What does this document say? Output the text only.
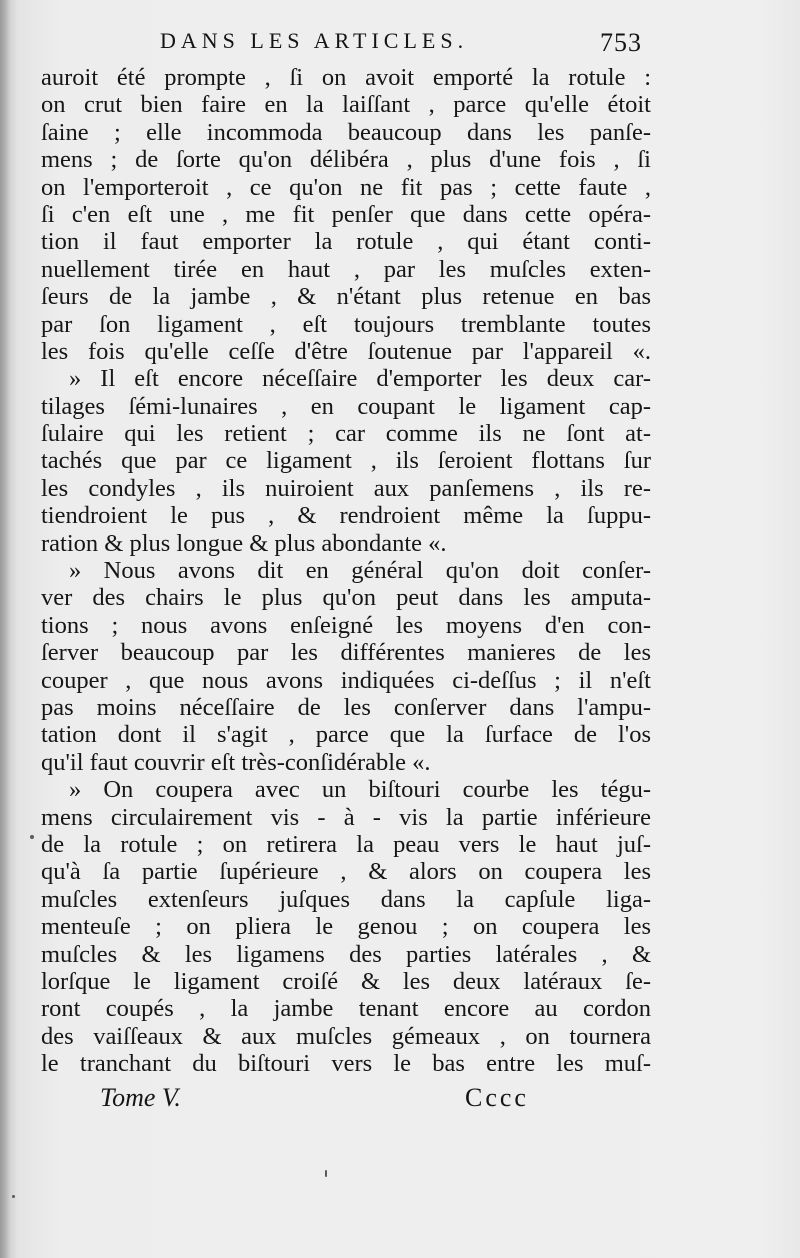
DANS LES ARTICLES.	753
auroit été prompte , ſi on avoit emporté la rotule :
on crut bien faire en la laiſſant , parce qu'elle étoit
ſaine ; elle incommoda beaucoup dans les panſe-
mens ; de ſorte qu'on délibéra , plus d'une fois , ſi
on l'emporteroit , ce qu'on ne fit pas ; cette faute ,
ſi c'en eſt une , me fit penſer que dans cette opéra-
tion il faut emporter la rotule , qui étant conti-
nuellement tirée en haut , par les muſcles exten-
ſeurs de la jambe , & n'étant plus retenue en bas
par ſon ligament , eſt toujours tremblante toutes
les fois qu'elle ceſſe d'être ſoutenue par l'appareil «.
» Il eſt encore néceſſaire d'emporter les deux car-
tilages ſémi-lunaires , en coupant le ligament cap-
ſulaire qui les retient ; car comme ils ne ſont at-
tachés que par ce ligament , ils ſeroient flottans ſur
les condyles , ils nuiroient aux panſemens , ils re-
tiendroient le pus , & rendroient même la ſuppu-
ration & plus longue & plus abondante «.
» Nous avons dit en général qu'on doit conſer-
ver des chairs le plus qu'on peut dans les amputa-
tions ; nous avons enſeigné les moyens d'en con-
ſerver beaucoup par les différentes manieres de les
couper , que nous avons indiquées ci-deſſus ; il n'eſt
pas moins néceſſaire de les conſerver dans l'ampu-
tation dont il s'agit , parce que la ſurface de l'os
qu'il faut couvrir eſt très-conſidérable «.
» On coupera avec un biſtouri courbe les tégu-
mens circulairement vis - à - vis la partie inférieure
de la rotule ; on retirera la peau vers le haut juſ-
qu'à ſa partie ſupérieure , & alors on coupera les
muſcles extenſeurs juſques dans la capſule liga-
menteuſe ; on pliera le genou ; on coupera les
muſcles & les ligamens des parties latérales , &
lorſque le ligament croiſé & les deux latéraux ſe-
ront coupés , la jambe tenant encore au cordon
des vaiſſeaux & aux muſcles gémeaux , on tournera
le tranchant du biſtouri vers le bas entre les muſ-
Tome V.	Cccc
